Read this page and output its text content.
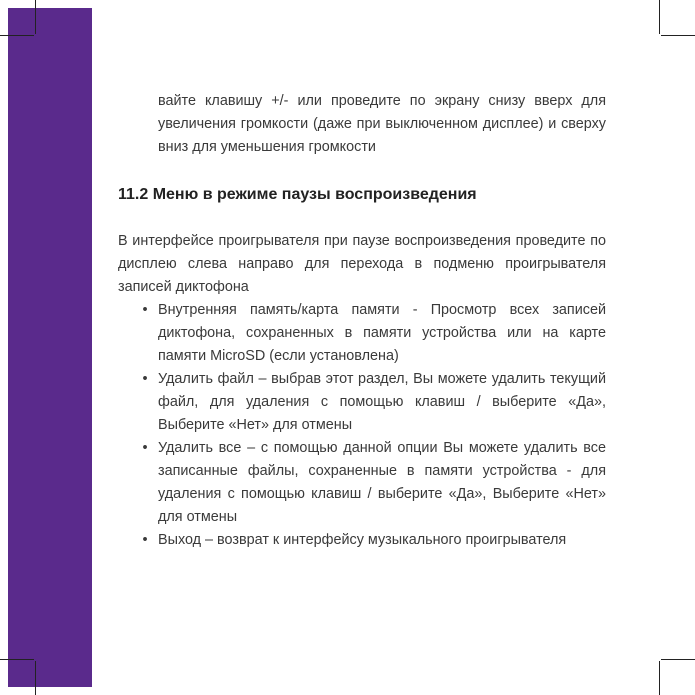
вайте клавишу +/- или проведите по экрану снизу вверх для увеличения громкости (даже при выключенном дисплее) и сверху вниз для уменьшения громкости

11.2 Меню в режиме паузы воспроизведения

В интерфейсе проигрывателя при паузе воспроизведения проведите по дисплею слева направо для перехода в подменю проигрывателя записей диктофона

• Внутренняя память/карта памяти - Просмотр всех записей диктофона, сохраненных в памяти устройства или на карте памяти MicroSD (если установлена)
• Удалить файл – выбрав этот раздел, Вы можете удалить текущий файл, для удаления с помощью клавиш / выберите «Да», Выберите «Нет» для отмены
• Удалить все – с помощью данной опции Вы можете удалить все записанные файлы, сохраненные в памяти устройства - для удаления с помощью клавиш / выберите «Да», Выберите «Нет» для отмены
• Выход – возврат к интерфейсу музыкального проигрывателя
